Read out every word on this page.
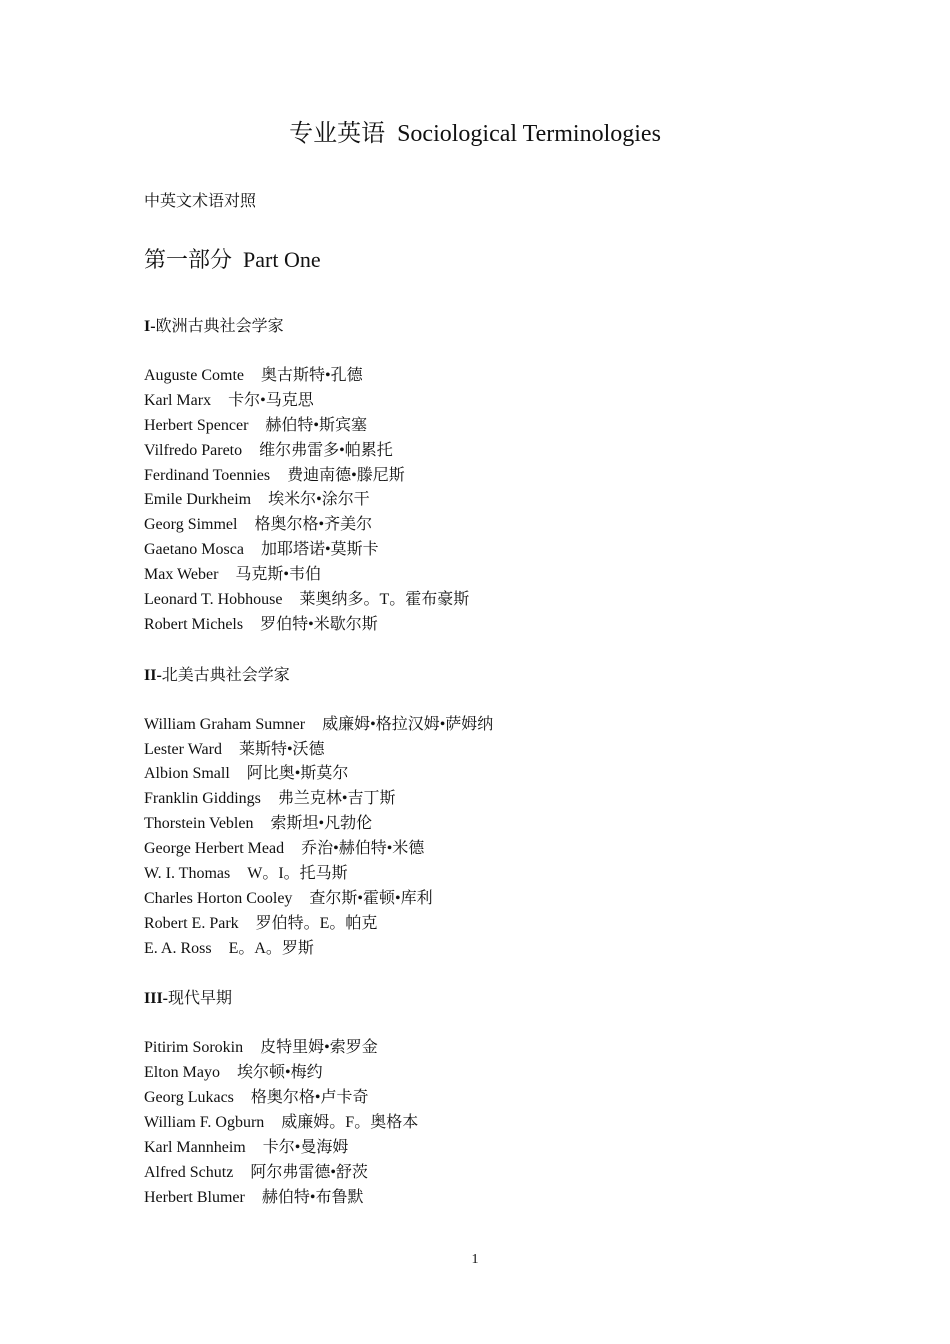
专业英语  Sociological Terminologies
中英文术语对照
第一部分  Part One
I-欧洲古典社会学家
Auguste Comte 奥古斯特•孔德
Karl Marx 卡尔•马克思
Herbert Spencer 赫伯特•斯宾塞
Vilfredo Pareto 维尔弗雷多•帕累托
Ferdinand Toennies 费迪南德•滕尼斯
Emile Durkheim 埃米尔•涂尔干
Georg Simmel 格奥尔格•齐美尔
Gaetano Mosca 加耶塔诺•莫斯卡
Max Weber 马克斯•韦伯
Leonard T. Hobhouse 莱奥纳多。T。霍布豪斯
Robert Michels 罗伯特•米歇尔斯
II-北美古典社会学家
William Graham Sumner 威廉姆•格拉汉姆•萨姆纳
Lester Ward 莱斯特•沃德
Albion Small 阿比奥•斯莫尔
Franklin Giddings 弗兰克林•吉丁斯
Thorstein Veblen 索斯坦•凡勃伦
George Herbert Mead 乔治•赫伯特•米德
W. I. Thomas W。I。托马斯
Charles Horton Cooley 查尔斯•霍顿•库利
Robert E. Park 罗伯特。E。帕克
E. A. Ross E。A。罗斯
III-现代早期
Pitirim Sorokin 皮特里姆•索罗金
Elton Mayo 埃尔顿•梅约
Georg Lukacs 格奥尔格•卢卡奇
William F. Ogburn 威廉姆。F。奥格本
Karl Mannheim 卡尔•曼海姆
Alfred Schutz 阿尔弗雷德•舒茨
Herbert Blumer 赫伯特•布鲁默
1
